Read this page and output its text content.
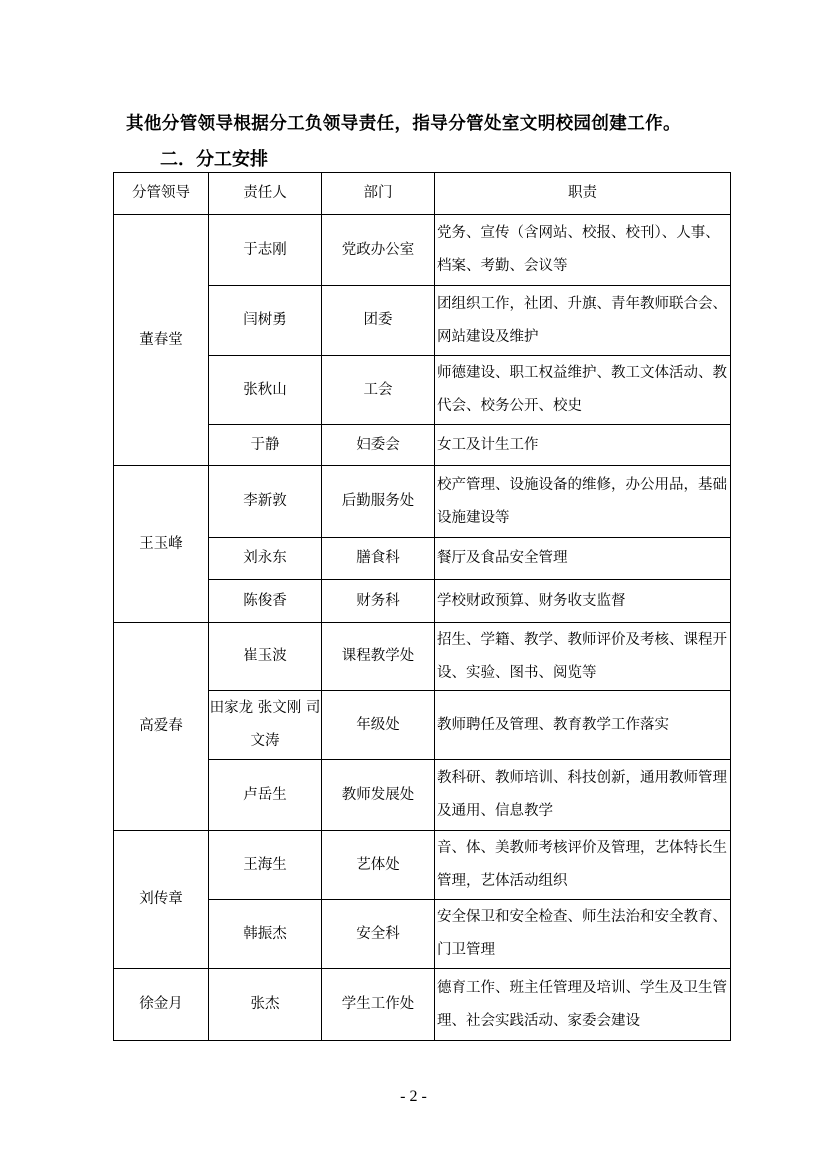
其他分管领导根据分工负领导责任，指导分管处室文明校园创建工作。
二．分工安排
分管领导	责任人	部门	职责
董春堂	于志刚	党政办公室	党务、宣传（含网站、校报、校刊）、人事、档案、考勤、会议等
	闫树勇	团委	团组织工作，社团、升旗、青年教师联合会、网站建设及维护
	张秋山	工会	师德建设、职工权益维护、教工文体活动、教代会、校务公开、校史
	于静	妇委会	女工及计生工作
王玉峰	李新敦	后勤服务处	校产管理、设施设备的维修，办公用品，基础设施建设等
	刘永东	膳食科	餐厅及食品安全管理
	陈俊香	财务科	学校财政预算、财务收支监督
高爱春	崔玉波	课程教学处	招生、学籍、教学、教师评价及考核、课程开设、实验、图书、阅览等
	田家龙 张文刚 司文涛	年级处	教师聘任及管理、教育教学工作落实
	卢岳生	教师发展处	教科研、教师培训、科技创新，通用教师管理及通用、信息教学
刘传章	王海生	艺体处	音、体、美教师考核评价及管理，艺体特长生管理，艺体活动组织
	韩振杰	安全科	安全保卫和安全检查、师生法治和安全教育、门卫管理
徐金月	张杰	学生工作处	德育工作、班主任管理及培训、学生及卫生管理、社会实践活动、家委会建设
- 2 -
